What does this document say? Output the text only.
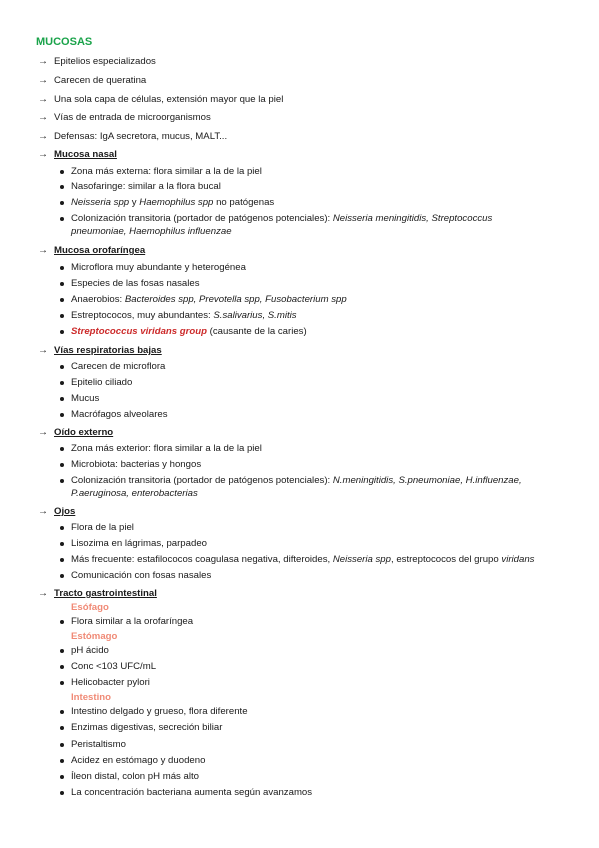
MUCOSAS
→ Epitelios especializados
→ Carecen de queratina
→ Una sola capa de células, extensión mayor que la piel
→ Vías de entrada de microorganismos
→ Defensas: IgA secretora, mucus, MALT...
→ Mucosa nasal
Zona más externa: flora similar a la de la piel
Nasofaringe: similar a la flora bucal
Neisseria spp y Haemophilus spp no patógenas
Colonización transitoria (portador de patógenos potenciales): Neisseria meningitidis, Streptococcus
pneumoniae, Haemophilus influenzae
→ Mucosa orofaríngea
Microflora muy abundante y heterogénea
Especies de las fosas nasales
Anaerobios: Bacteroides spp, Prevotella spp, Fusobacterium spp
Estreptococos, muy abundantes: S.salivarius, S.mitis
Streptococcus viridans group (causante de la caries)
→ Vías respiratorias bajas
Carecen de microflora
Epitelio ciliado
Mucus
Macrófagos alveolares
→ Oído externo
Zona más exterior: flora similar a la de la piel
Microbiota: bacterias y hongos
Colonización transitoria (portador de patógenos potenciales): N.meningitidis, S.pneumoniae, H.influenzae,
P.aeruginosa, enterobacterias
→ Ojos
Flora de la piel
Lisozima en lágrimas, parpadeo
Más frecuente: estafilococos coagulasa negativa, difteroides, Neisseria spp, estreptococos del grupo viridans
Comunicación con fosas nasales
→ Tracto gastrointestinal
Esófago
Flora similar a la orofaríngea
Estómago
pH ácido
Conc <103 UFC/mL
Helicobacter pylori
Intestino
Intestino delgado y grueso, flora diferente
Enzimas digestivas, secreción biliar
Peristaltismo
Acidez en estómago y duodeno
Íleon distal, colon pH más alto
La concentración bacteriana aumenta según avanzamos
